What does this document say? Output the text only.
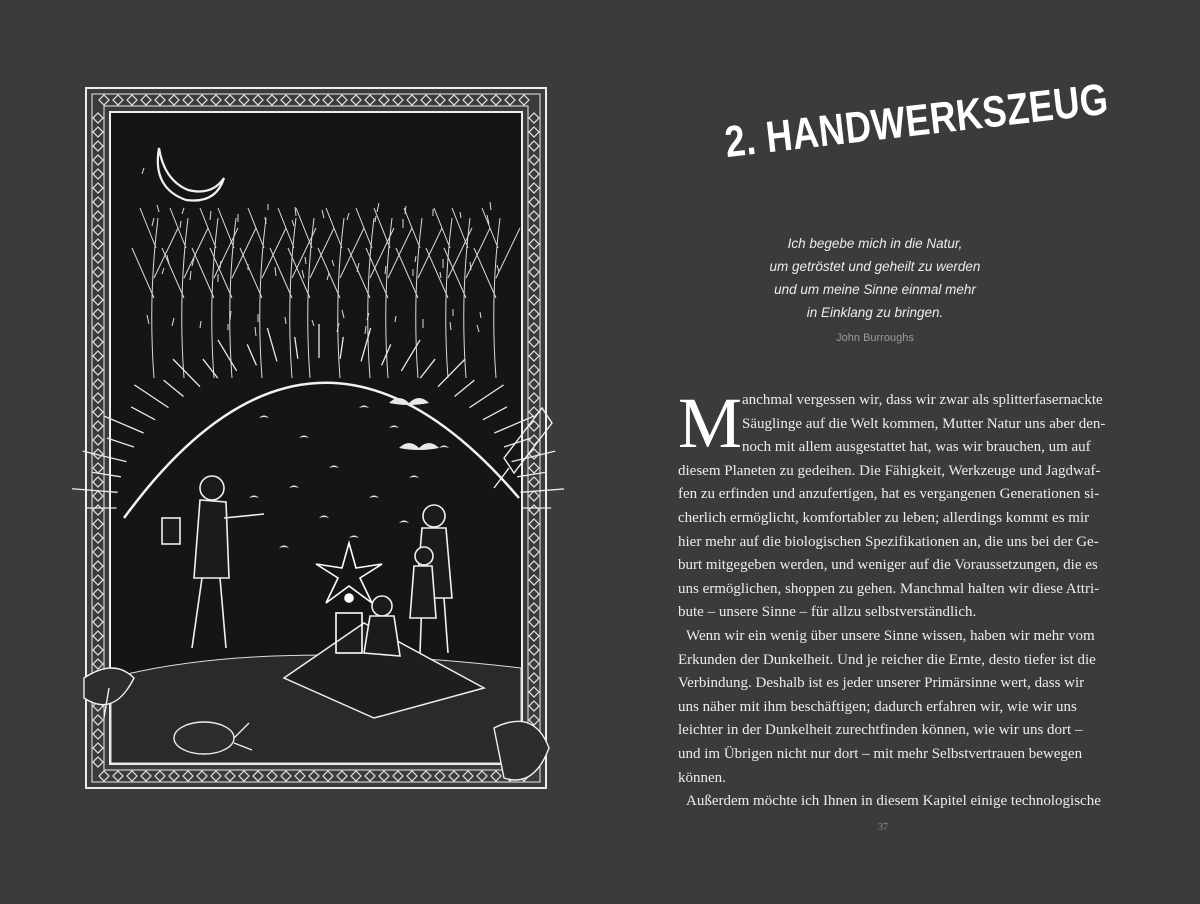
2. HANDWERKSZEUG
Ich begebe mich in die Natur,
um getröstet und geheilt zu werden
und um meine Sinne einmal mehr
in Einklang zu bringen.
John Burroughs
M anchmal vergessen wir, dass wir zwar als splitterfasernackte
Säuglinge auf die Welt kommen, Mutter Natur uns aber den-
noch mit allem ausgestattet hat, was wir brauchen, um auf
diesem Planeten zu gedeihen. Die Fähigkeit, Werkzeuge und Jagdwaf-
fen zu erfinden und anzufertigen, hat es vergangenen Generationen si-
cherlich ermöglicht, komfortabler zu leben; allerdings kommt es mir
hier mehr auf die biologischen Spezifikationen an, die uns bei der Ge-
burt mitgegeben werden, und weniger auf die Voraussetzungen, die es
uns ermöglichen, shoppen zu gehen. Manchmal halten wir diese Attri-
bute – unsere Sinne – für allzu selbstverständlich.
Wenn wir ein wenig über unsere Sinne wissen, haben wir mehr vom
Erkunden der Dunkelheit. Und je reicher die Ernte, desto tiefer ist die
Verbindung. Deshalb ist es jeder unserer Primärsinne wert, dass wir
uns näher mit ihm beschäftigen; dadurch erfahren wir, wie wir uns
leichter in der Dunkelheit zurechtfinden können, wie wir uns dort –
und im Übrigen nicht nur dort – mit mehr Selbstvertrauen bewegen
können.
Außerdem möchte ich Ihnen in diesem Kapitel einige technologische
37
